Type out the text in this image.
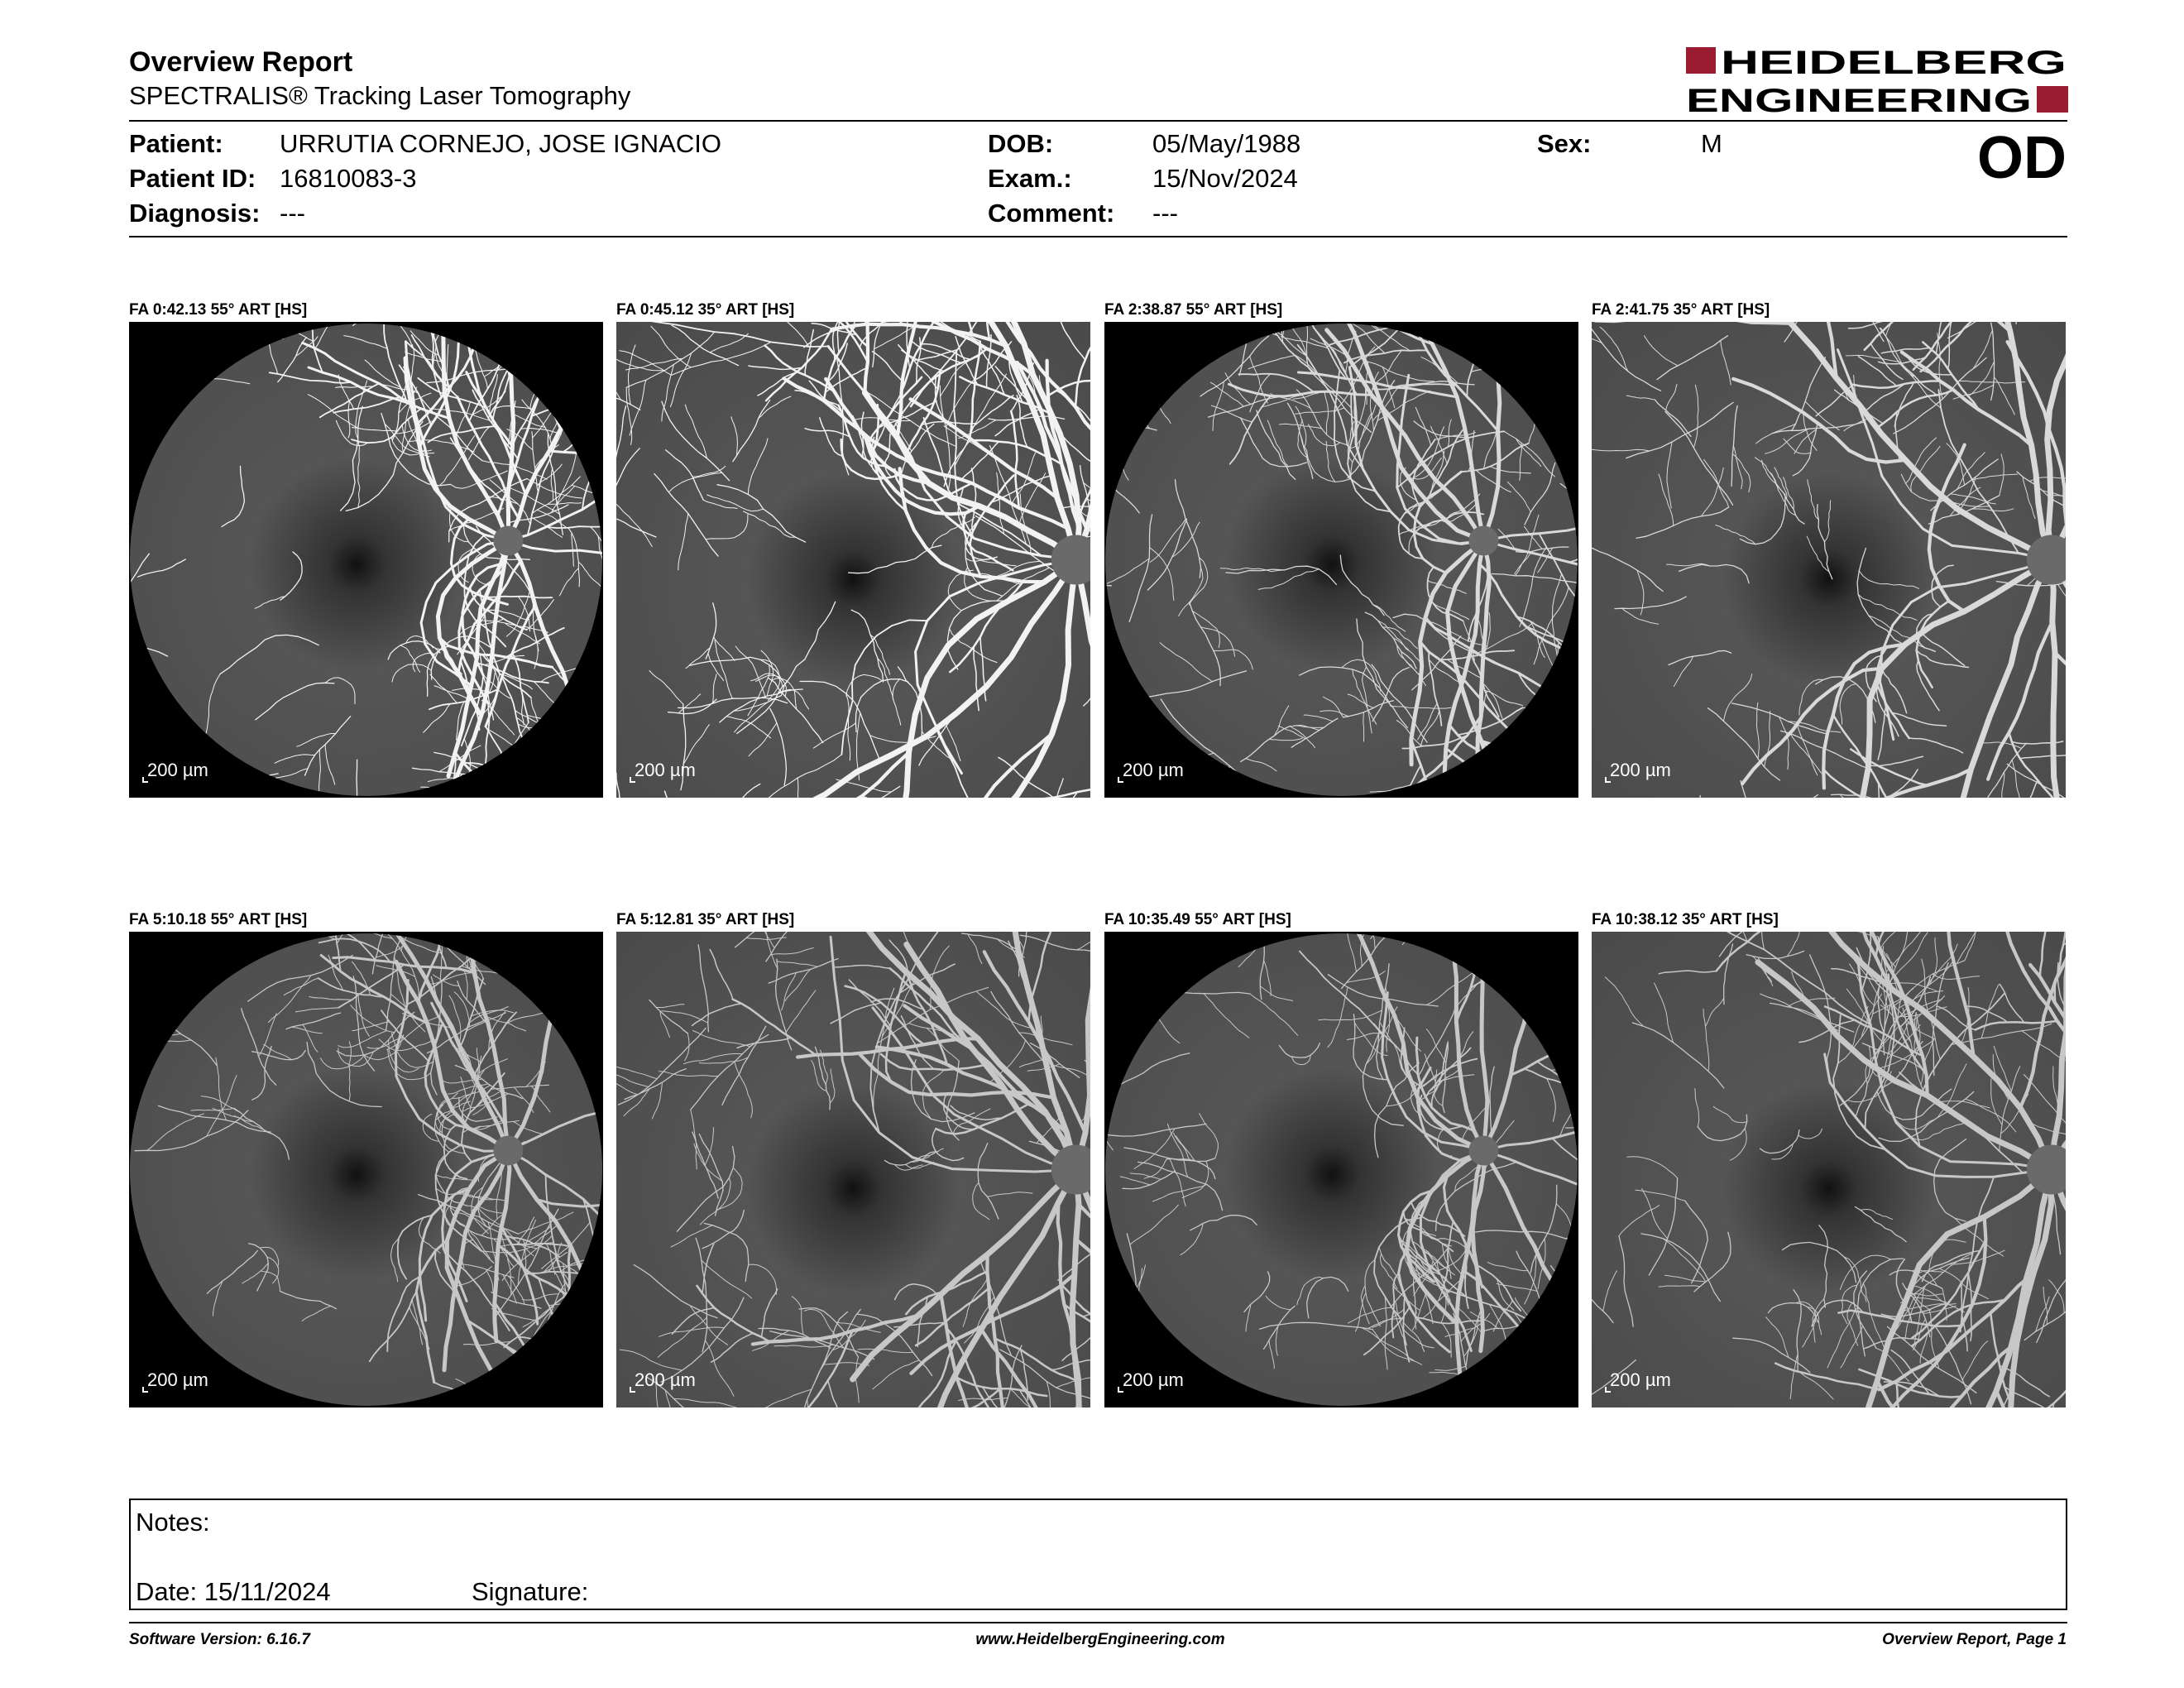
Overview Report
SPECTRALIS® Tracking Laser Tomography
HEIDELBERG
ENGINEERING
OD
Patient: URRUTIA CORNEJO, JOSE IGNACIO
Patient ID: 16810083-3
Diagnosis: ---
DOB:	05/May/1988
Exam.:	15/Nov/2024
Comment: ---
Sex:	M
FA 0:42.13 55° ART [HS]
200 µm
FA 0:45.12 35° ART [HS]
200 µm
FA 2:38.87 55° ART [HS]
200 µm
FA 2:41.75 35° ART [HS]
200 µm
FA 5:10.18 55° ART [HS]
200 µm
FA 5:12.81 35° ART [HS]
200 µm
FA 10:35.49 55° ART [HS]
200 µm
FA 10:38.12 35° ART [HS]
200 µm
Notes:
Date: 15/11/2024	Signature:
Software Version: 6.16.7	www.HeidelbergEngineering.com	Overview Report, Page 1
